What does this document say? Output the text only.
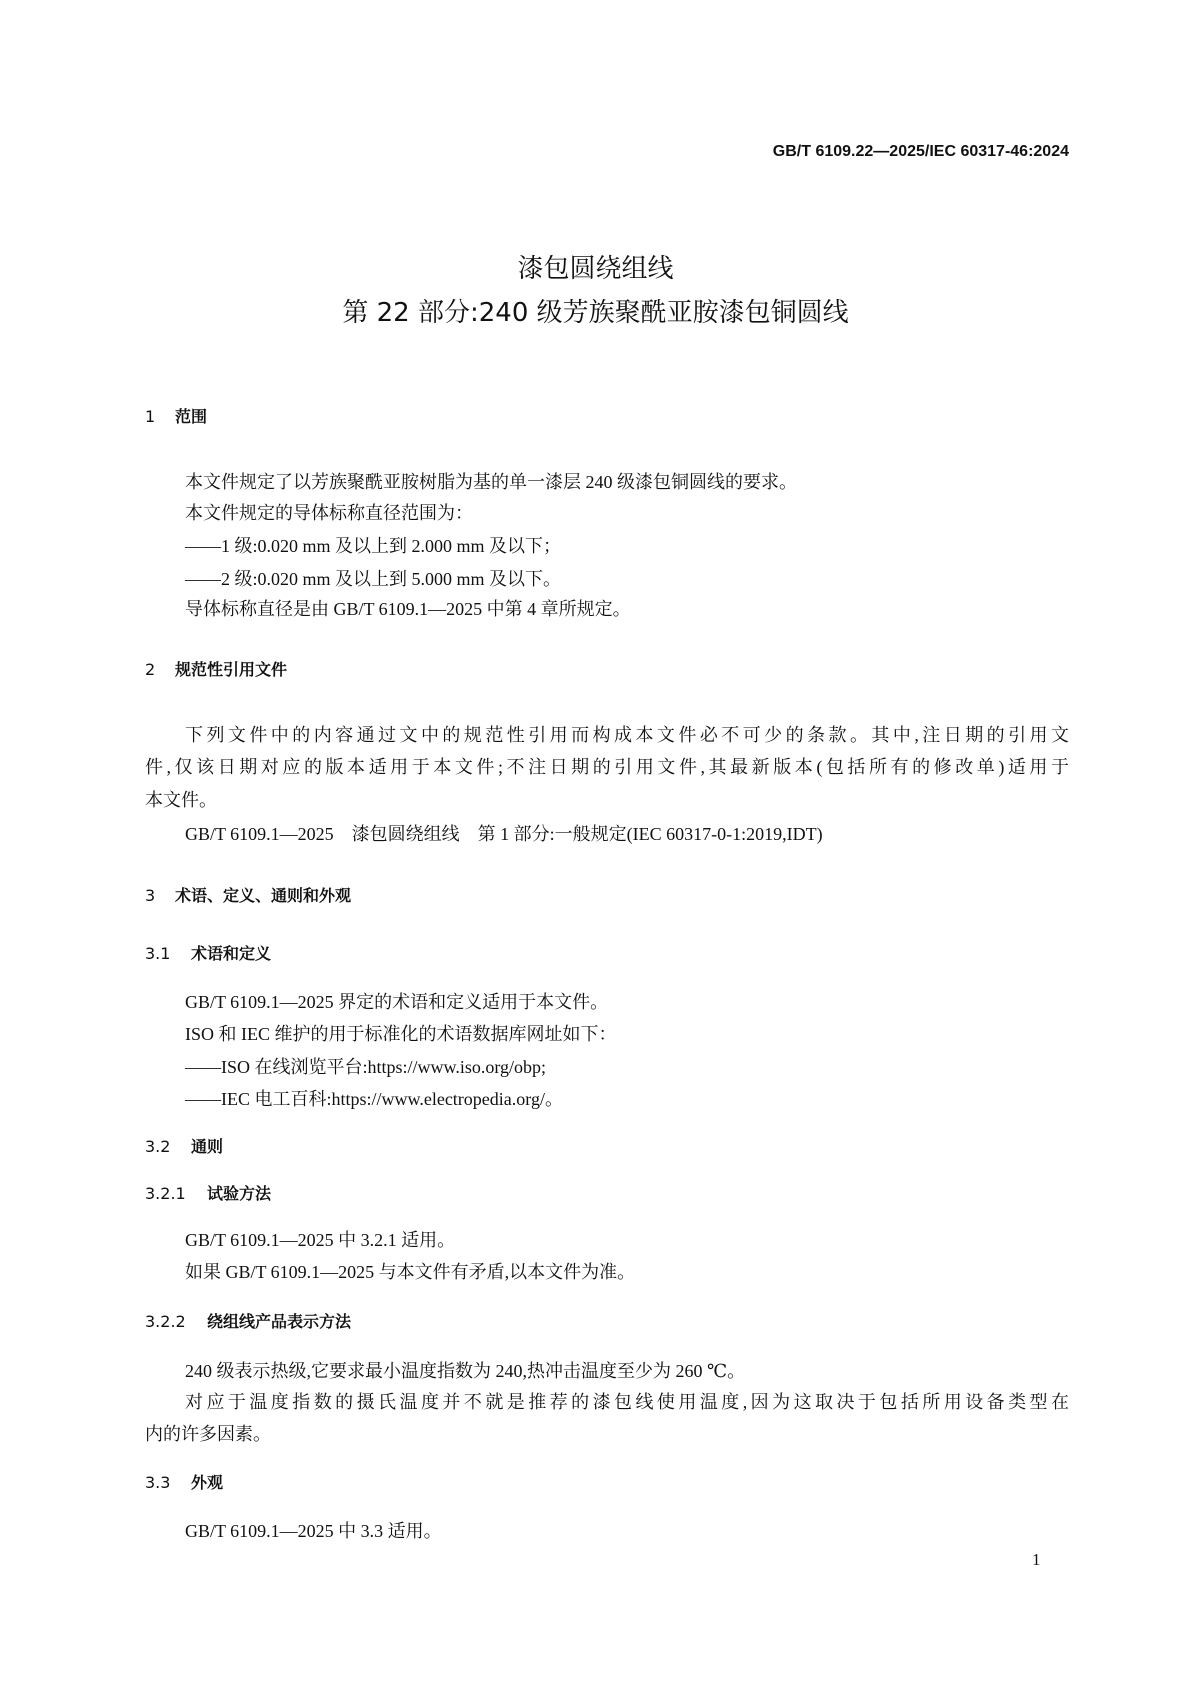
GB/T 6109.22—2025/IEC 60317-46:2024
漆包圆绕组线
第 22 部分:240 级芳族聚酰亚胺漆包铜圆线
1 范围
本文件规定了以芳族聚酰亚胺树脂为基的单一漆层 240 级漆包铜圆线的要求。
本文件规定的导体标称直径范围为：
——1 级:0.020 mm 及以上到 2.000 mm 及以下；
——2 级:0.020 mm 及以上到 5.000 mm 及以下。
导体标称直径是由 GB/T 6109.1—2025 中第 4 章所规定。
2 规范性引用文件
下列文件中的内容通过文中的规范性引用而构成本文件必不可少的条款。其中,注日期的引用文
件,仅该日期对应的版本适用于本文件;不注日期的引用文件,其最新版本(包括所有的修改单)适用于
本文件。
GB/T 6109.1—2025　漆包圆绕组线　第 1 部分:一般规定(IEC 60317-0-1:2019,IDT)
3 术语、定义、通则和外观
3.1 术语和定义
GB/T 6109.1—2025 界定的术语和定义适用于本文件。
ISO 和 IEC 维护的用于标准化的术语数据库网址如下：
——ISO 在线浏览平台:https://www.iso.org/obp;
——IEC 电工百科:https://www.electropedia.org/。
3.2 通则
3.2.1 试验方法
GB/T 6109.1—2025 中 3.2.1 适用。
如果 GB/T 6109.1—2025 与本文件有矛盾,以本文件为准。
3.2.2 绕组线产品表示方法
240 级表示热级,它要求最小温度指数为 240,热冲击温度至少为 260 ℃。
对应于温度指数的摄氏温度并不就是推荐的漆包线使用温度,因为这取决于包括所用设备类型在
内的许多因素。
3.3 外观
GB/T 6109.1—2025 中 3.3 适用。
1
